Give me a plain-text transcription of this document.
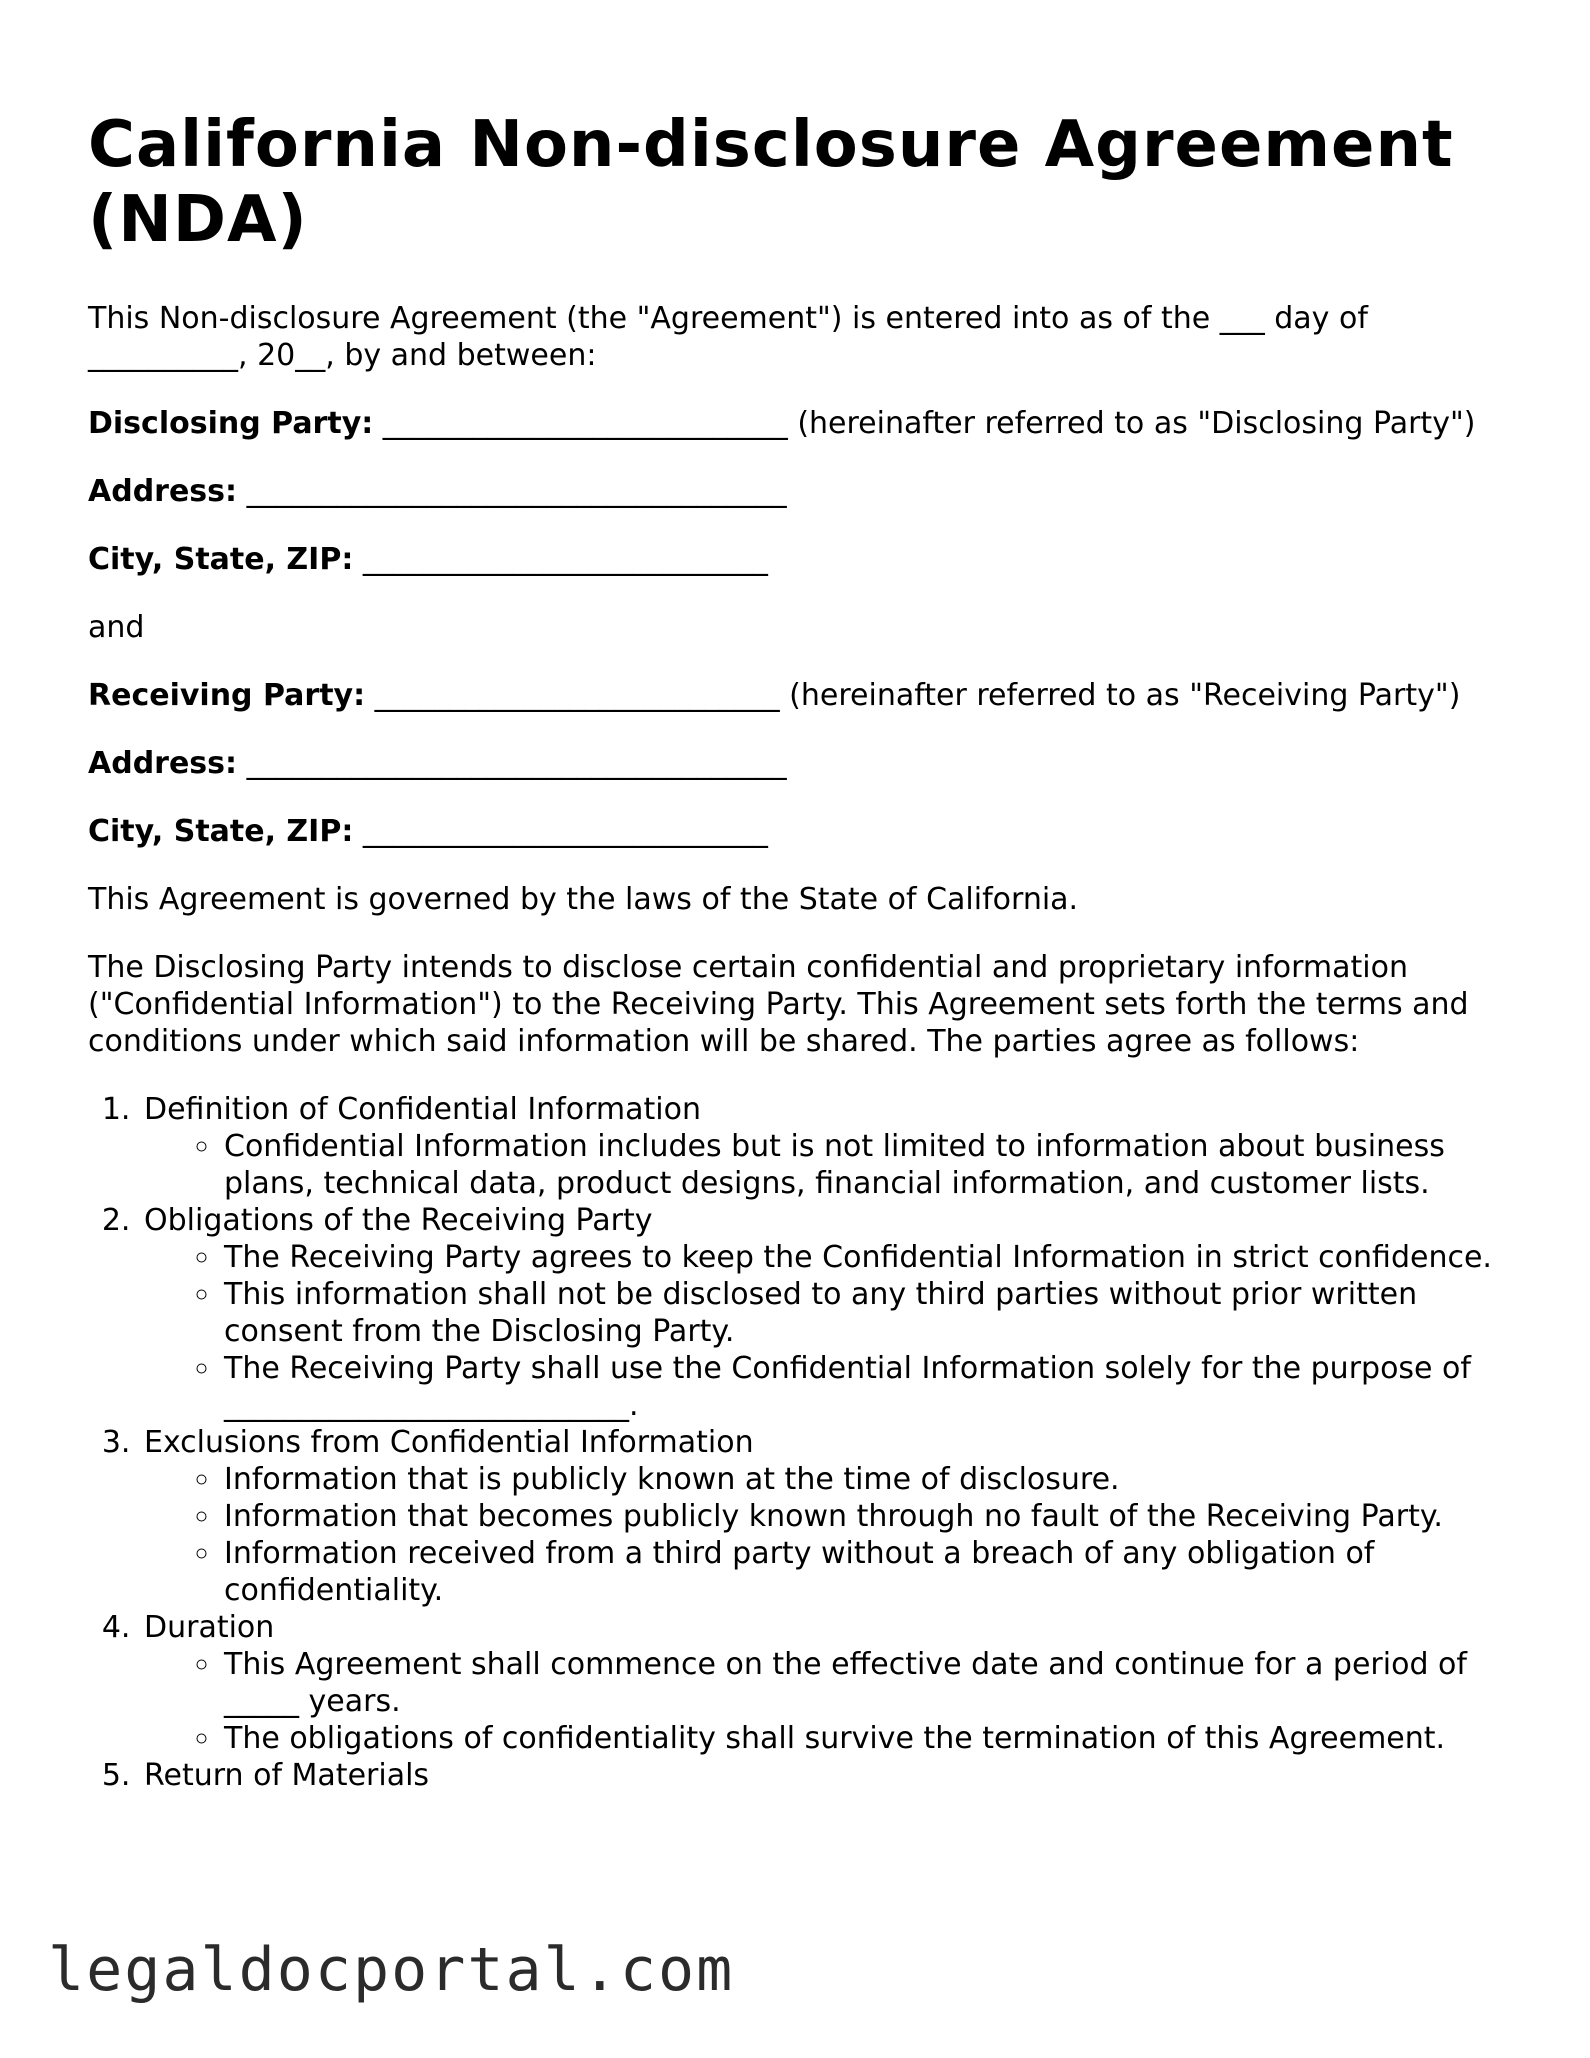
California Non-disclosure Agreement (NDA)

This Non-disclosure Agreement (the "Agreement") is entered into as of the ___ day of __________, 20__, by and between:

Disclosing Party: ___________________________ (hereinafter referred to as "Disclosing Party")

Address: ____________________________________

City, State, ZIP: ___________________________

and

Receiving Party: ___________________________ (hereinafter referred to as "Receiving Party")

Address: ____________________________________

City, State, ZIP: ___________________________

This Agreement is governed by the laws of the State of California.

The Disclosing Party intends to disclose certain confidential and proprietary information ("Confidential Information") to the Receiving Party. This Agreement sets forth the terms and conditions under which said information will be shared. The parties agree as follows:

1. Definition of Confidential Information
◦ Confidential Information includes but is not limited to information about business plans, technical data, product designs, financial information, and customer lists.
2. Obligations of the Receiving Party
◦ The Receiving Party agrees to keep the Confidential Information in strict confidence.
◦ This information shall not be disclosed to any third parties without prior written consent from the Disclosing Party.
◦ The Receiving Party shall use the Confidential Information solely for the purpose of ___________________________.
3. Exclusions from Confidential Information
◦ Information that is publicly known at the time of disclosure.
◦ Information that becomes publicly known through no fault of the Receiving Party.
◦ Information received from a third party without a breach of any obligation of confidentiality.
4. Duration
◦ This Agreement shall commence on the effective date and continue for a period of _____ years.
◦ The obligations of confidentiality shall survive the termination of this Agreement.
5. Return of Materials
legaldocportal.com
